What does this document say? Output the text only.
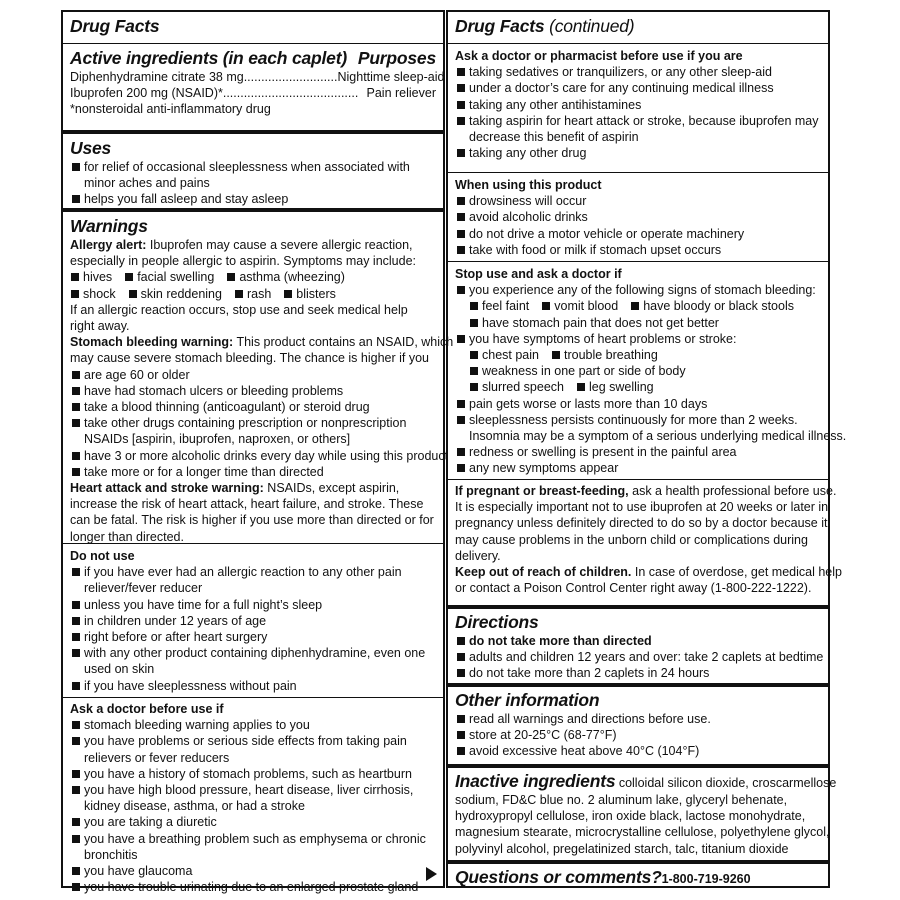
Drug Facts
Active ingredients (in each caplet) Purposes
Diphenhydramine citrate 38 mg ........................... Nighttime sleep-aid
Ibuprofen 200 mg (NSAID)* ....................................... Pain reliever
*nonsteroidal anti-inflammatory drug
Uses
for relief of occasional sleeplessness when associated with
minor aches and pains
helps you fall asleep and stay asleep
Warnings
Allergy alert: Ibuprofen may cause a severe allergic reaction,
especially in people allergic to aspirin. Symptoms may include:
hives facial swelling asthma (wheezing)
shock skin reddening rash blisters
If an allergic reaction occurs, stop use and seek medical help
right away.
Stomach bleeding warning: This product contains an NSAID, which
may cause severe stomach bleeding. The chance is higher if you
are age 60 or older
have had stomach ulcers or bleeding problems
take a blood thinning (anticoagulant) or steroid drug
take other drugs containing prescription or nonprescription
NSAIDs [aspirin, ibuprofen, naproxen, or others]
have 3 or more alcoholic drinks every day while using this product
take more or for a longer time than directed
Heart attack and stroke warning: NSAIDs, except aspirin,
increase the risk of heart attack, heart failure, and stroke. These
can be fatal. The risk is higher if you use more than directed or for
longer than directed.
Do not use
if you have ever had an allergic reaction to any other pain
reliever/fever reducer
unless you have time for a full night’s sleep
in children under 12 years of age
right before or after heart surgery
with any other product containing diphenhydramine, even one
used on skin
if you have sleeplessness without pain
Ask a doctor before use if
stomach bleeding warning applies to you
you have problems or serious side effects from taking pain
relievers or fever reducers
you have a history of stomach problems, such as heartburn
you have high blood pressure, heart disease, liver cirrhosis,
kidney disease, asthma, or had a stroke
you are taking a diuretic
you have a breathing problem such as emphysema or chronic
bronchitis
you have glaucoma
you have trouble urinating due to an enlarged prostate gland
Drug Facts (continued)
Ask a doctor or pharmacist before use if you are
taking sedatives or tranquilizers, or any other sleep-aid
under a doctor’s care for any continuing medical illness
taking any other antihistamines
taking aspirin for heart attack or stroke, because ibuprofen may
decrease this benefit of aspirin
taking any other drug
When using this product
drowsiness will occur
avoid alcoholic drinks
do not drive a motor vehicle or operate machinery
take with food or milk if stomach upset occurs
Stop use and ask a doctor if
you experience any of the following signs of stomach bleeding:
feel faint vomit blood have bloody or black stools
have stomach pain that does not get better
you have symptoms of heart problems or stroke:
chest pain trouble breathing
weakness in one part or side of body
slurred speech leg swelling
pain gets worse or lasts more than 10 days
sleeplessness persists continuously for more than 2 weeks.
Insomnia may be a symptom of a serious underlying medical illness.
redness or swelling is present in the painful area
any new symptoms appear
If pregnant or breast-feeding, ask a health professional before use.
It is especially important not to use ibuprofen at 20 weeks or later in
pregnancy unless definitely directed to do so by a doctor because it
may cause problems in the unborn child or complications during
delivery.
Keep out of reach of children. In case of overdose, get medical help
or contact a Poison Control Center right away (1-800-222-1222).
Directions
do not take more than directed
adults and children 12 years and over: take 2 caplets at bedtime
do not take more than 2 caplets in 24 hours
Other information
read all warnings and directions before use.
store at 20-25°C (68-77°F)
avoid excessive heat above 40°C (104°F)
Inactive ingredients colloidal silicon dioxide, croscarmellose
sodium, FD&C blue no. 2 aluminum lake, glyceryl behenate,
hydroxypropyl cellulose, iron oxide black, lactose monohydrate,
magnesium stearate, microcrystalline cellulose, polyethylene glycol,
polyvinyl alcohol, pregelatinized starch, talc, titanium dioxide
Questions or comments?1-800-719-9260
